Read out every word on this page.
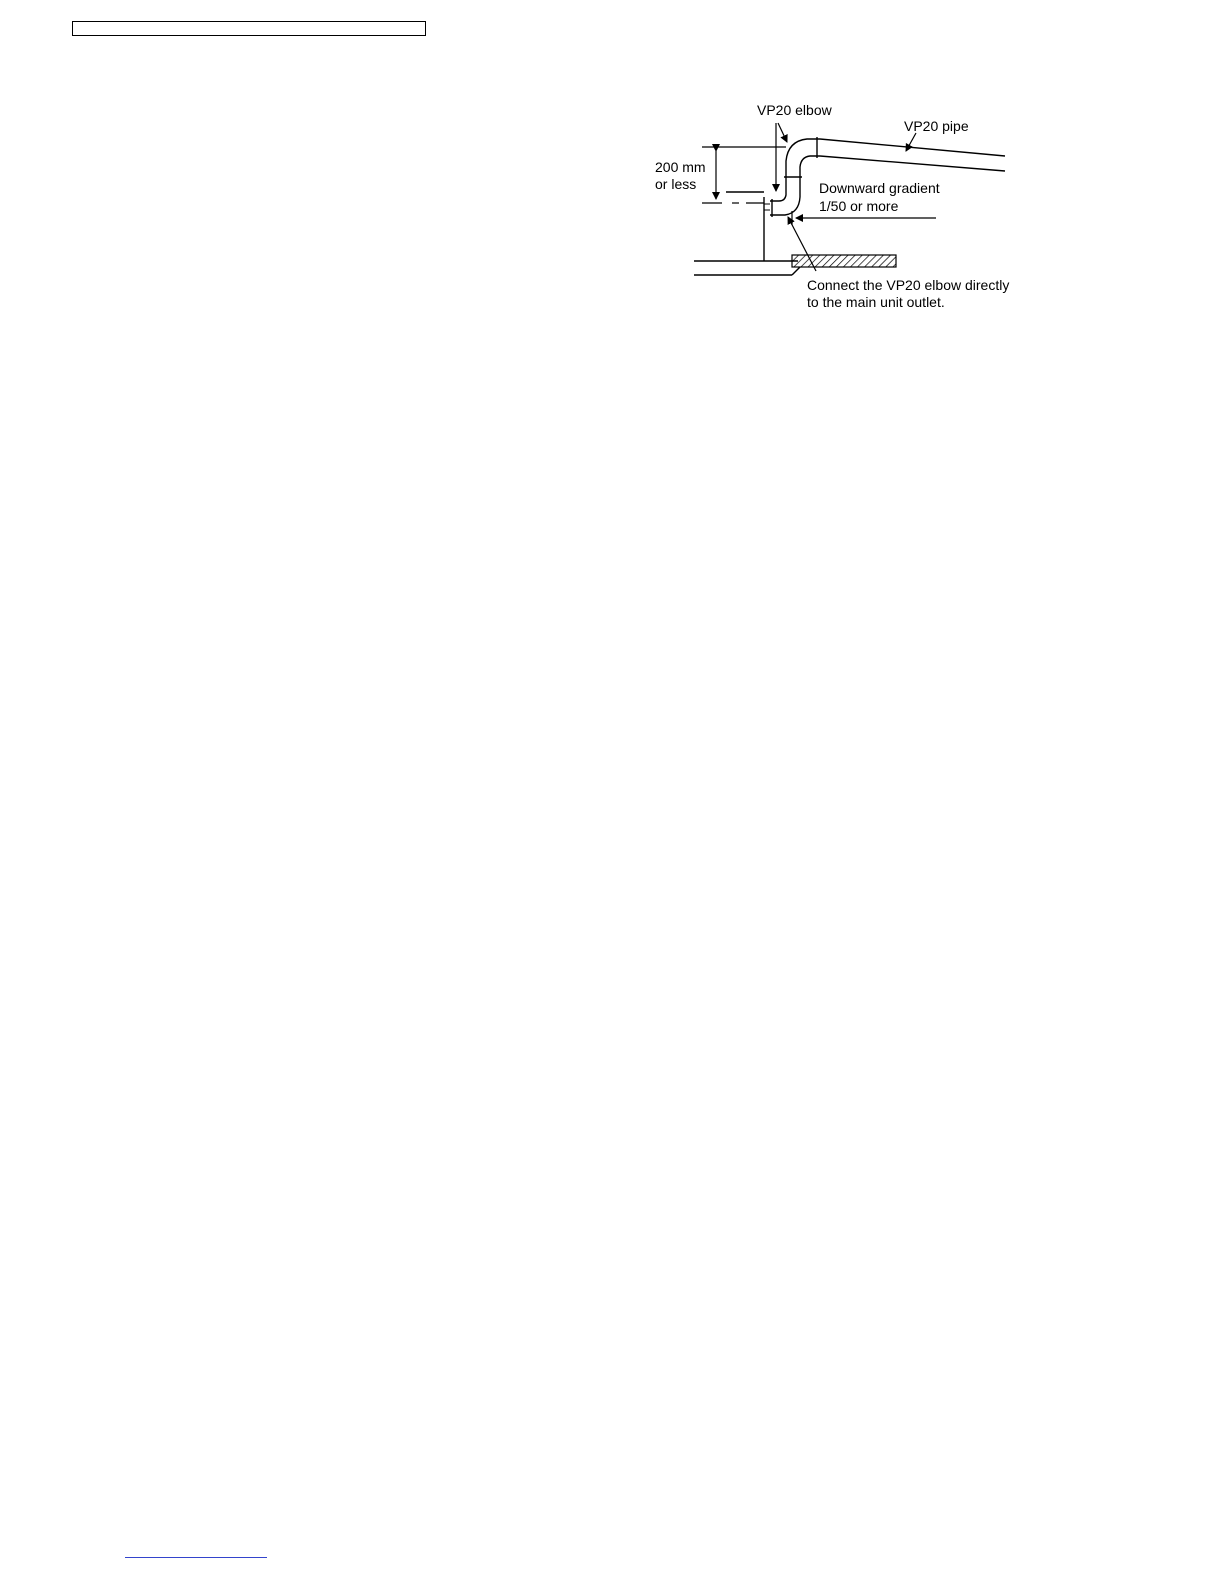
VP20 elbow
VP20 pipe
200 mm
or less	Downward gradient
1/50 or more
Connect the VP20 elbow directly
to the main unit outlet.
